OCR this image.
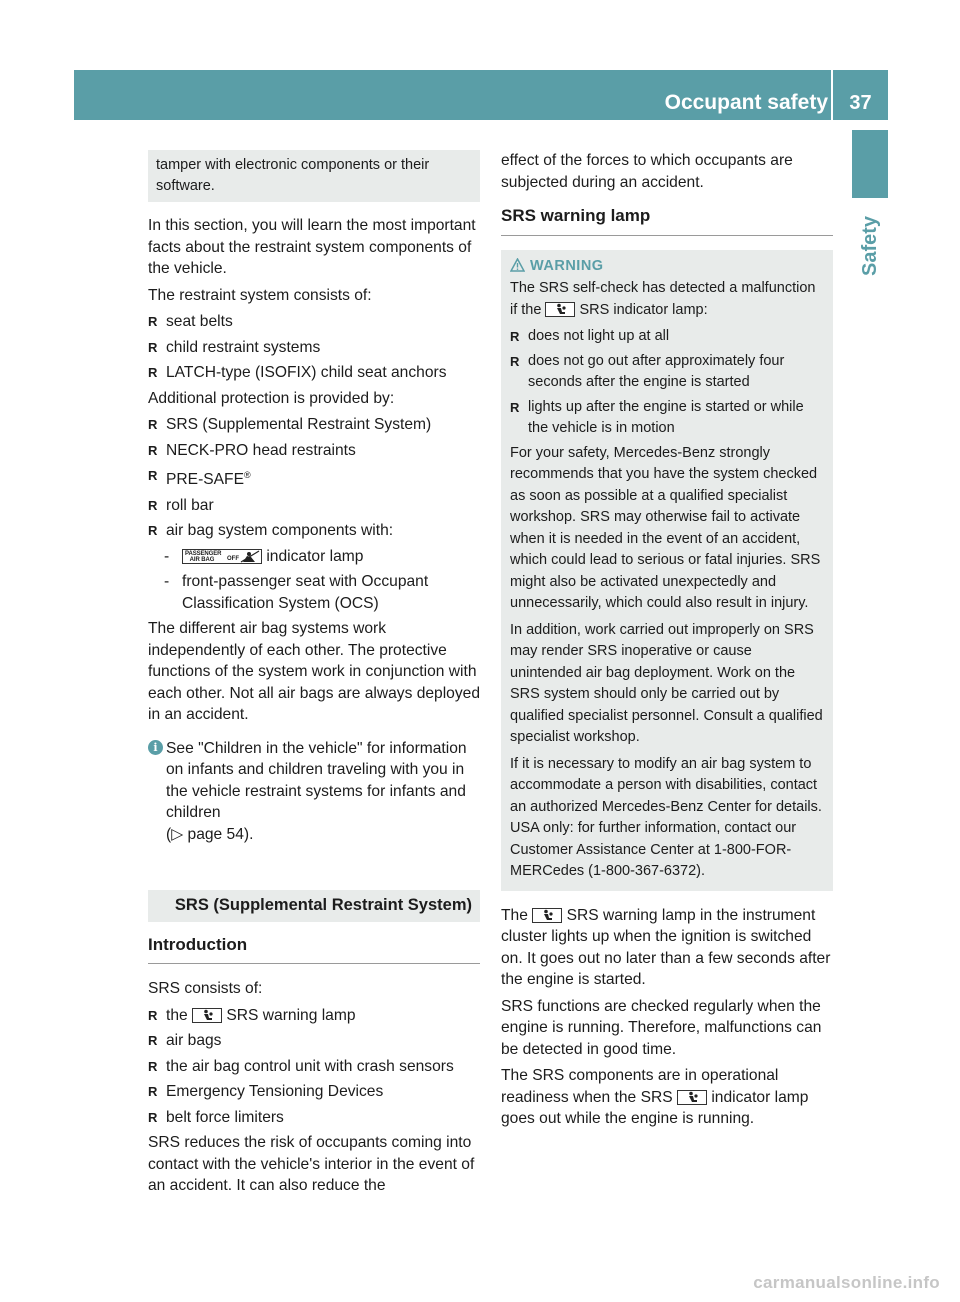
Occupant safety	37
Safety
tamper with electronic components or their software.

In this section, you will learn the most important facts about the restraint system components of the vehicle.

The restraint system consists of:

R seat belts
R child restraint systems
R LATCH-type (ISOFIX) child seat anchors

Additional protection is provided by:

R SRS (Supplemental Restraint System)
R NECK-PRO head restraints
R PRE-SAFE®
R roll bar
R air bag system components with:
-	PASSENGER AIR BAG	OFF indicator lamp
- front-passenger seat with Occupant Classification System (OCS)

The different air bag systems work independently of each other. The protective functions of the system work in conjunction with each other. Not all air bags are always deployed in an accident.

i See "Children in the vehicle" for information on infants and children traveling with you in the vehicle restraint systems for infants and children
(▷ page 54).
SRS (Supplemental Restraint System)
Introduction

SRS consists of:

R the SRS warning lamp
R air bags
R the air bag control unit with crash sensors
R Emergency Tensioning Devices
R belt force limiters

SRS reduces the risk of occupants coming into contact with the vehicle's interior in the event of an accident. It can also reduce the

effect of the forces to which occupants are subjected during an accident.

SRS warning lamp
WARNING

The SRS self-check has detected a malfunction if the	SRS indicator lamp:

R does not light up at all
R does not go out after approximately four seconds after the engine is started
R lights up after the engine is started or while the vehicle is in motion

For your safety, Mercedes-Benz strongly recommends that you have the system checked as soon as possible at a qualified specialist workshop. SRS may otherwise fail to activate when it is needed in the event of an accident, which could lead to serious or fatal injuries. SRS might also be activated unexpectedly and unnecessarily, which could also result in injury.

In addition, work carried out improperly on SRS may render SRS inoperative or cause unintended air bag deployment. Work on the SRS system should only be carried out by qualified specialist personnel. Consult a qualified specialist workshop.

If it is necessary to modify an air bag system to accommodate a person with disabilities, contact an authorized Mercedes-Benz Center for details. USA only: for further information, contact our Customer Assistance Center at 1-800-FOR-MERCedes (1-800-367-6372).

The SRS warning lamp in the instrument cluster lights up when the ignition is switched on. It goes out no later than a few seconds after the engine is started.

SRS functions are checked regularly when the engine is running. Therefore, malfunctions can be detected in good time.

The SRS components are in operational readiness when the SRS indicator lamp goes out while the engine is running.

carmanualsonline.info
